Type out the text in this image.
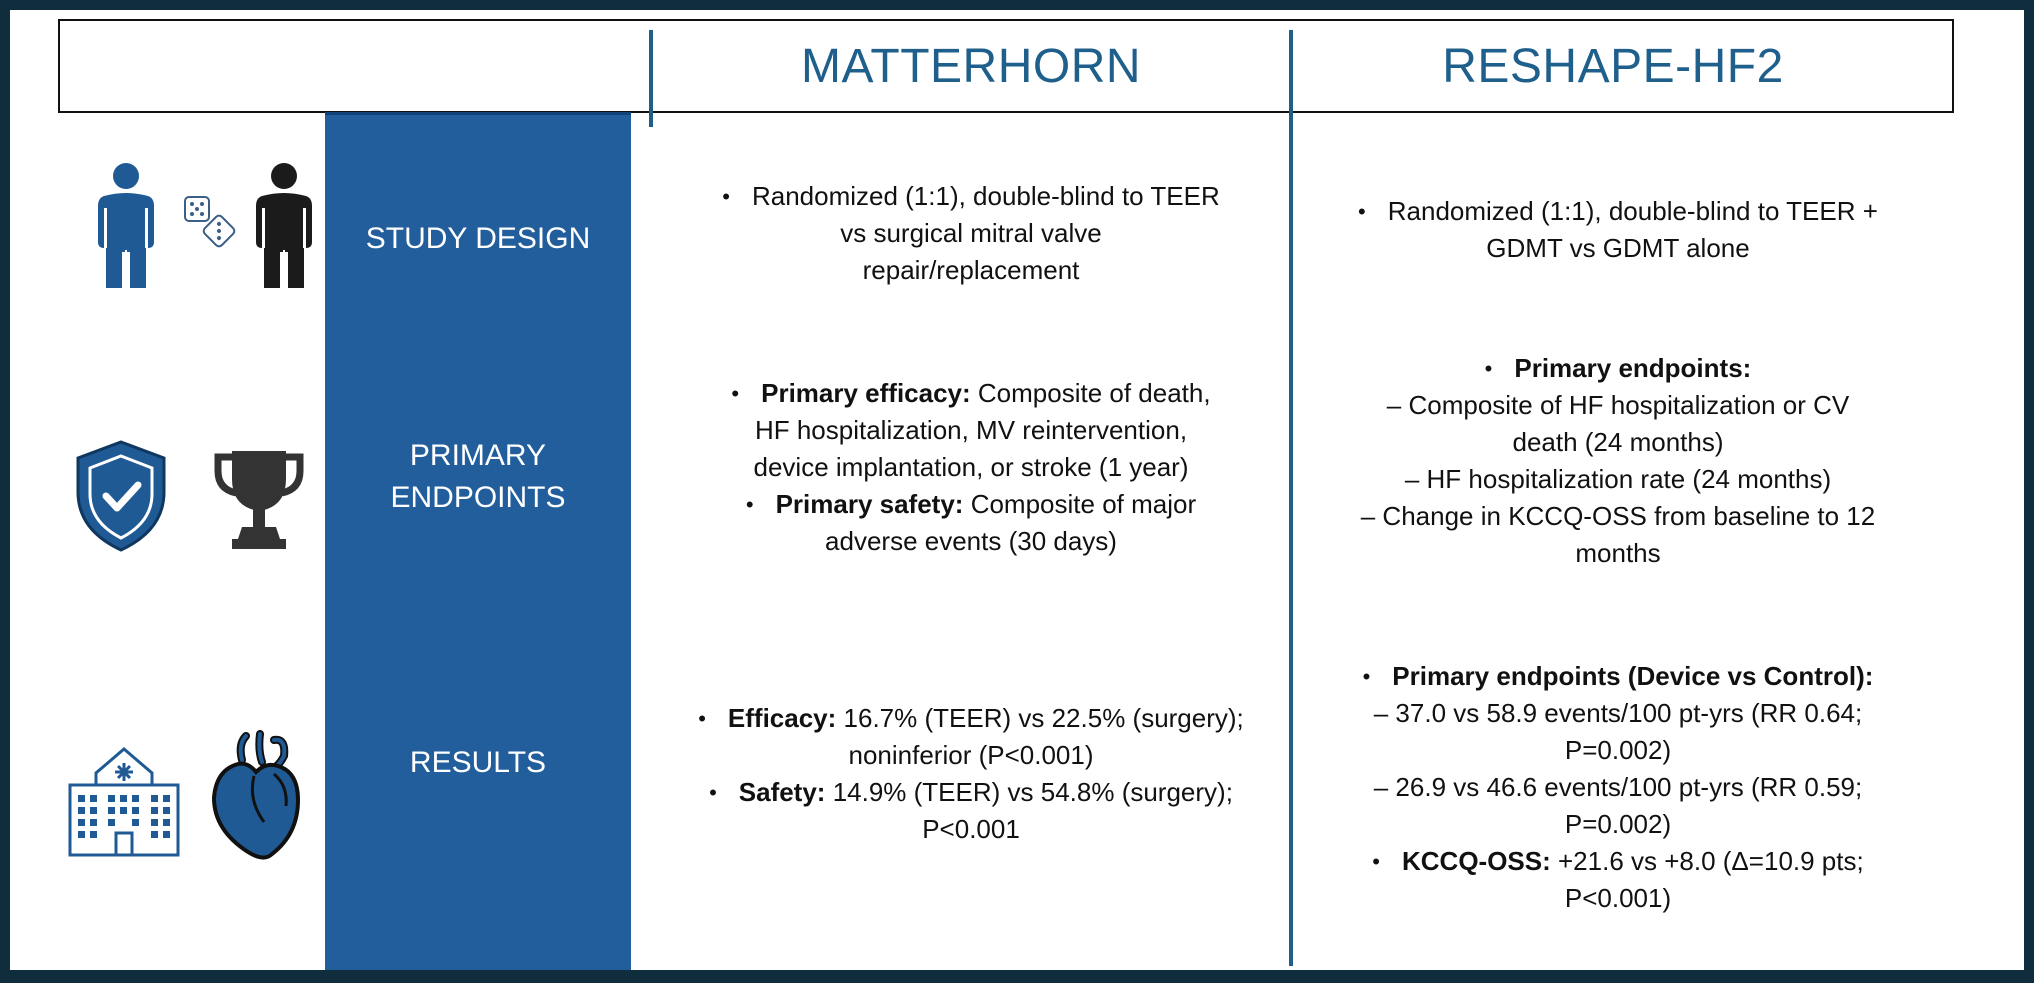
MATTERHORN	RESHAPE-HF2
STUDY DESIGN
PRIMARY
ENDPOINTS
RESULTS
• Randomized (1:1), double-blind to TEER
vs surgical mitral valve
repair/replacement
• Primary efficacy: Composite of death,
HF hospitalization, MV reintervention,
device implantation, or stroke (1 year)
• Primary safety: Composite of major
adverse events (30 days)
• Efficacy: 16.7% (TEER) vs 22.5% (surgery);
noninferior (P<0.001)
• Safety: 14.9% (TEER) vs 54.8% (surgery);
P<0.001
• Randomized (1:1), double-blind to TEER +
GDMT vs GDMT alone
• Primary endpoints:
– Composite of HF hospitalization or CV
death (24 months)
– HF hospitalization rate (24 months)
– Change in KCCQ-OSS from baseline to 12
months
• Primary endpoints (Device vs Control):
– 37.0 vs 58.9 events/100 pt-yrs (RR 0.64;
P=0.002)
– 26.9 vs 46.6 events/100 pt-yrs (RR 0.59;
P=0.002)
• KCCQ-OSS: +21.6 vs +8.0 (Δ=10.9 pts;
P<0.001)
